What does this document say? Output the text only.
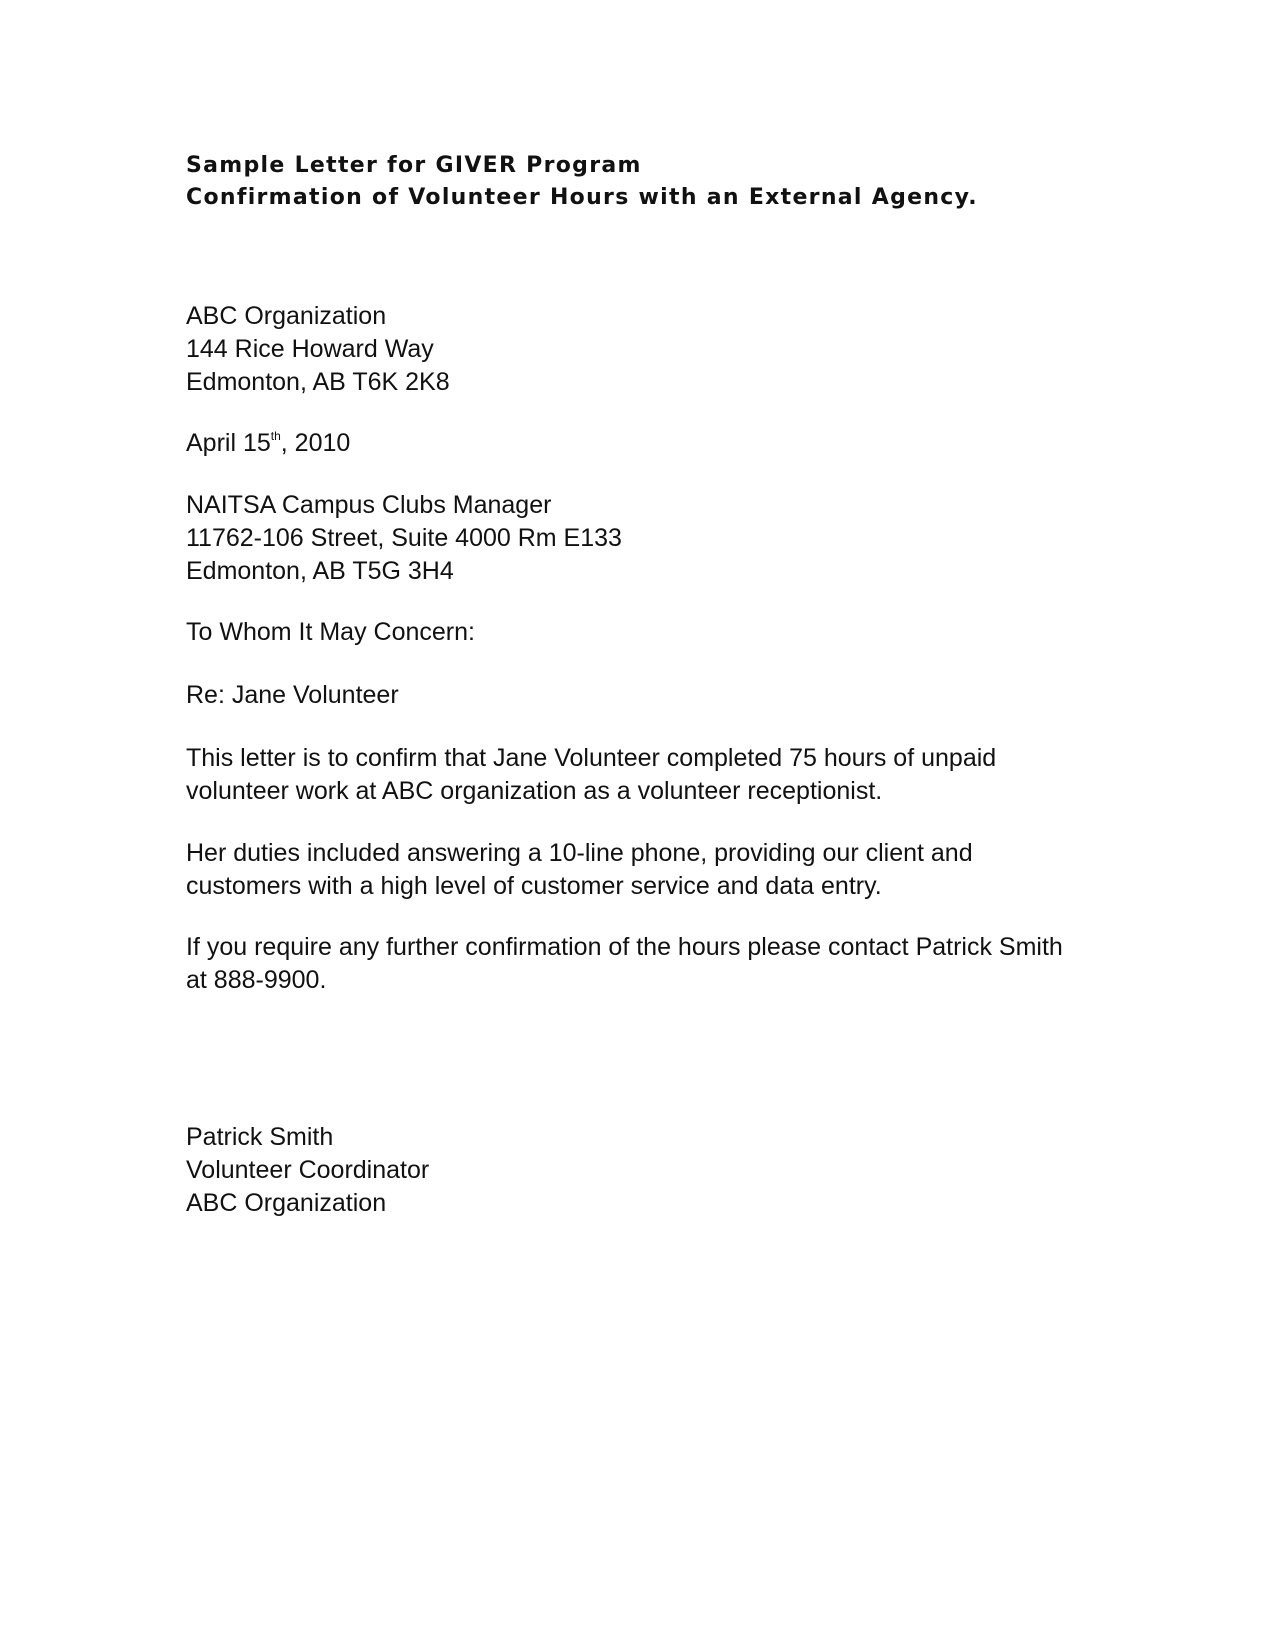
Sample Letter for GIVER Program
Confirmation of Volunteer Hours with an External Agency.
ABC Organization
144 Rice Howard Way
Edmonton, AB T6K 2K8
April 15th, 2010
NAITSA Campus Clubs Manager
11762-106 Street, Suite 4000 Rm E133
Edmonton, AB T5G 3H4
To Whom It May Concern:
Re: Jane Volunteer
This letter is to confirm that Jane Volunteer completed 75 hours of unpaid
volunteer work at ABC organization as a volunteer receptionist.
Her duties included answering a 10-line phone, providing our client and
customers with a high level of customer service and data entry.
If you require any further confirmation of the hours please contact Patrick Smith
at 888-9900.
Patrick Smith
Volunteer Coordinator
ABC Organization
